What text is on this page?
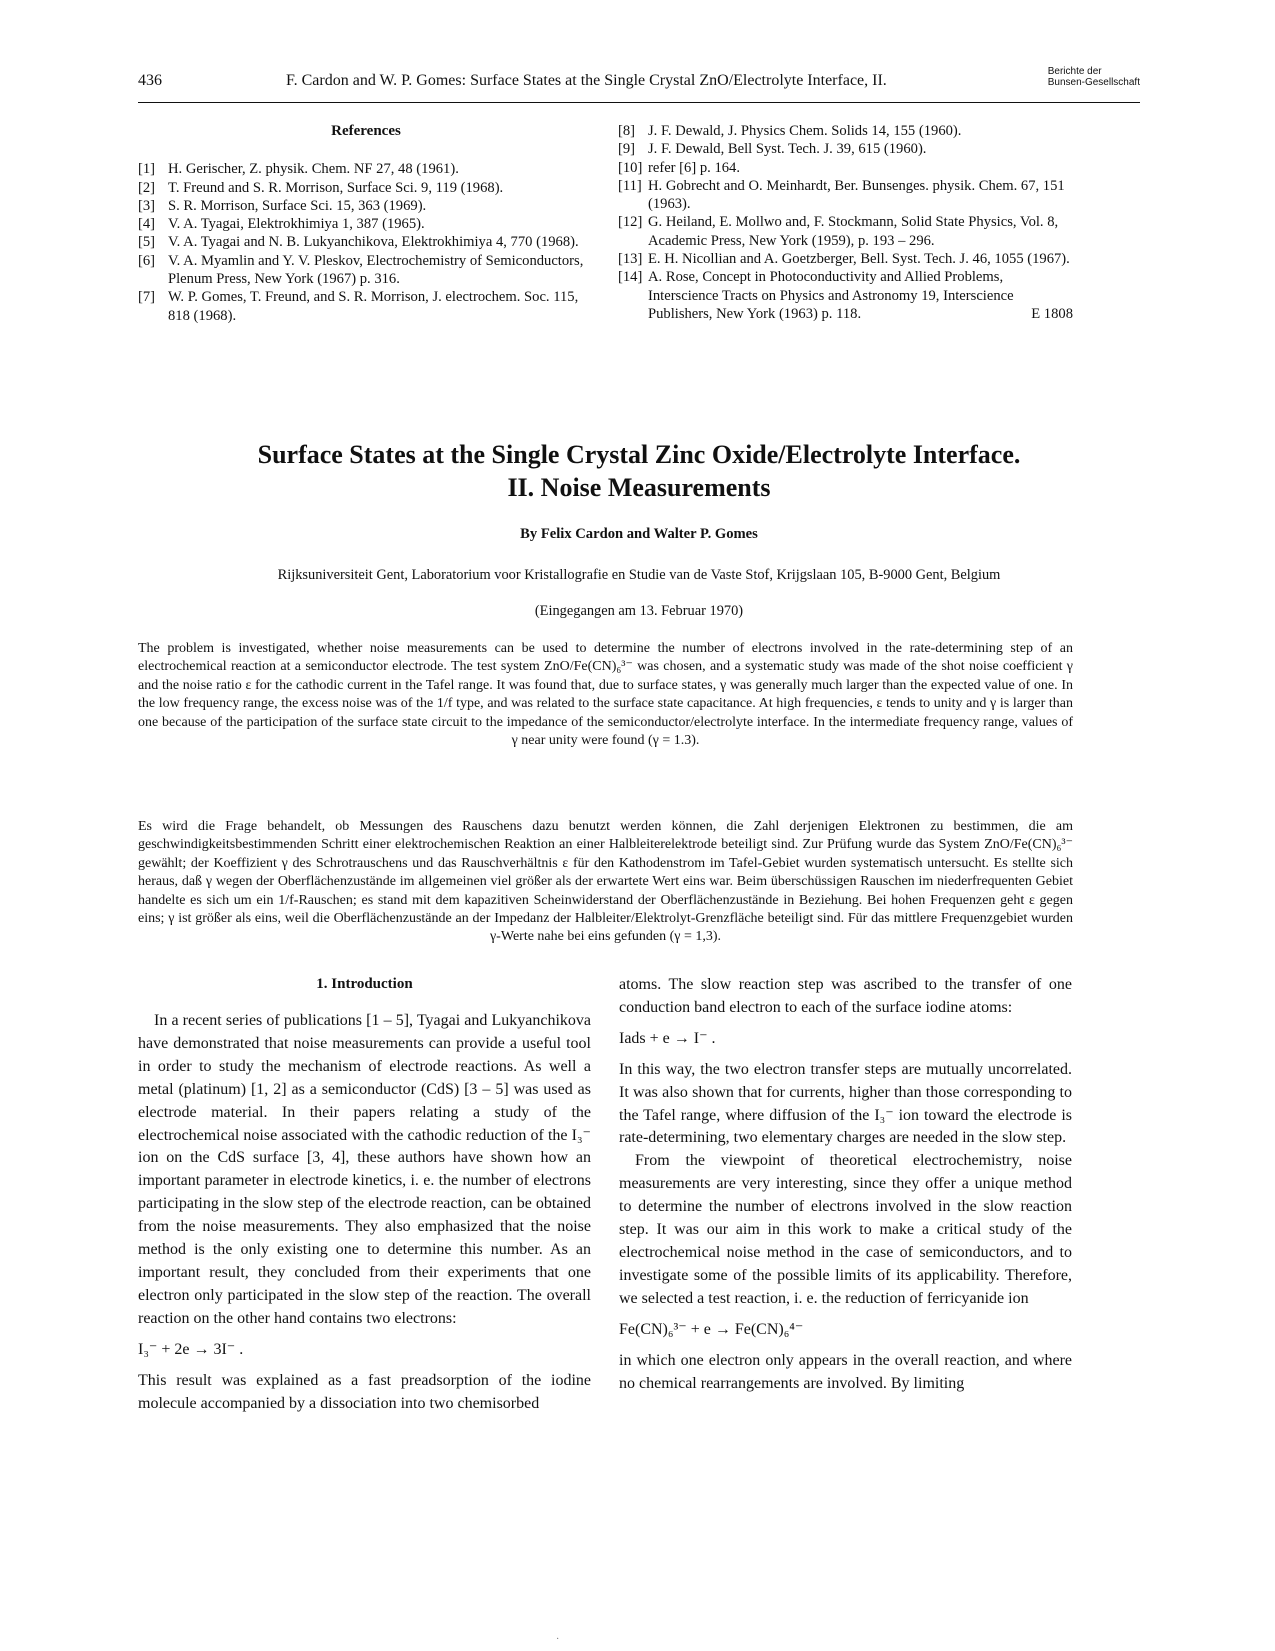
436	F. Cardon and W. P. Gomes: Surface States at the Single Crystal ZnO/Electrolyte Interface, II.
Berichte der
Bunsen-Gesellschaft
References
[1] H. Gerischer, Z. physik. Chem. NF 27, 48 (1961).
[2] T. Freund and S. R. Morrison, Surface Sci. 9, 119 (1968).
[3] S. R. Morrison, Surface Sci. 15, 363 (1969).
[4] V. A. Tyagai, Elektrokhimiya 1, 387 (1965).
[5] V. A. Tyagai and N. B. Lukyanchikova, Elektrokhimiya 4, 770 (1968).
[6] V. A. Myamlin and Y. V. Pleskov, Electrochemistry of Semiconductors, Plenum Press, New York (1967) p. 316.
[7] W. P. Gomes, T. Freund, and S. R. Morrison, J. electrochem. Soc. 115, 818 (1968).
[8] J. F. Dewald, J. Physics Chem. Solids 14, 155 (1960).
[9] J. F. Dewald, Bell Syst. Tech. J. 39, 615 (1960).
[10] refer [6] p. 164.
[11] H. Gobrecht and O. Meinhardt, Ber. Bunsenges. physik. Chem. 67, 151 (1963).
[12] G. Heiland, E. Mollwo and, F. Stockmann, Solid State Physics, Vol. 8, Academic Press, New York (1959), p. 193 – 296.
[13] E. H. Nicollian and A. Goetzberger, Bell. Syst. Tech. J. 46, 1055 (1967).
[14] A. Rose, Concept in Photoconductivity and Allied Problems, Interscience Tracts on Physics and Astronomy 19, Interscience Publishers, New York (1963) p. 118.	E 1808
Surface States at the Single Crystal Zinc Oxide/Electrolyte Interface.
II. Noise Measurements
By Felix Cardon and Walter P. Gomes
Rijksuniversiteit Gent, Laboratorium voor Kristallografie en Studie van de Vaste Stof, Krijgslaan 105, B-9000 Gent, Belgium
(Eingegangen am 13. Februar 1970)
The problem is investigated, whether noise measurements can be used to determine the number of electrons involved in the rate-determining step of an electrochemical reaction at a semiconductor electrode. The test system ZnO/Fe(CN)₆³⁻ was chosen, and a systematic study was made of the shot noise coefficient γ and the noise ratio ε for the cathodic current in the Tafel range. It was found that, due to surface states, γ was generally much larger than the expected value of one. In the low frequency range, the excess noise was of the 1/f type, and was related to the surface state capacitance. At high frequencies, ε tends to unity and γ is larger than one because of the participation of the surface state circuit to the impedance of the semiconductor/electrolyte interface. In the intermediate frequency range, values of γ near unity were found (γ = 1.3).
Es wird die Frage behandelt, ob Messungen des Rauschens dazu benutzt werden können, die Zahl derjenigen Elektronen zu bestimmen, die am geschwindigkeitsbestimmenden Schritt einer elektrochemischen Reaktion an einer Halbleiterelektrode beteiligt sind. Zur Prüfung wurde das System ZnO/Fe(CN)₆³⁻ gewählt; der Koeffizient γ des Schrotrauschens und das Rauschverhältnis ε für den Kathodenstrom im Tafel-Gebiet wurden systematisch untersucht. Es stellte sich heraus, daß γ wegen der Oberflächenzustände im allgemeinen viel größer als der erwartete Wert eins war. Beim überschüssigen Rauschen im niederfrequenten Gebiet handelte es sich um ein 1/f-Rauschen; es stand mit dem kapazitiven Scheinwiderstand der Oberflächenzustände in Beziehung. Bei hohen Frequenzen geht ε gegen eins; γ ist größer als eins, weil die Oberflächenzustände an der Impedanz der Halbleiter/Elektrolyt-Grenzfläche beteiligt sind. Für das mittlere Frequenzgebiet wurden γ-Werte nahe bei eins gefunden (γ = 1,3).
1. Introduction

In a recent series of publications [1 – 5], Tyagai and Lukyanchikova have demonstrated that noise measurements can provide a useful tool in order to study the mechanism of electrode reactions. As well a metal (platinum) [1, 2] as a semiconductor (CdS) [3 – 5] was used as electrode material. In their papers relating a study of the electrochemical noise associated with the cathodic reduction of the I₃⁻ ion on the CdS surface [3, 4], these authors have shown how an important parameter in electrode kinetics, i. e. the number of electrons participating in the slow step of the electrode reaction, can be obtained from the noise measurements. They also emphasized that the noise method is the only existing one to determine this number. As an important result, they concluded from their experiments that one electron only participated in the slow step of the reaction. The overall reaction on the other hand contains two electrons:

I₃⁻ + 2e → 3I⁻ .

This result was explained as a fast preadsorption of the iodine molecule accompanied by a dissociation into two chemisorbed

atoms. The slow reaction step was ascribed to the transfer of one conduction band electron to each of the surface iodine atoms:

Iads + e → I⁻ .

In this way, the two electron transfer steps are mutually uncorrelated. It was also shown that for currents, higher than those corresponding to the Tafel range, where diffusion of the I₃⁻ ion toward the electrode is rate-determining, two elementary charges are needed in the slow step.

From the viewpoint of theoretical electrochemistry, noise measurements are very interesting, since they offer a unique method to determine the number of electrons involved in the slow reaction step. It was our aim in this work to make a critical study of the electrochemical noise method in the case of semiconductors, and to investigate some of the possible limits of its applicability. Therefore, we selected a test reaction, i. e. the reduction of ferricyanide ion

Fe(CN)₆³⁻ + e → Fe(CN)₆⁴⁻

in which one electron only appears in the overall reaction, and where no chemical rearrangements are involved. By limiting

·
